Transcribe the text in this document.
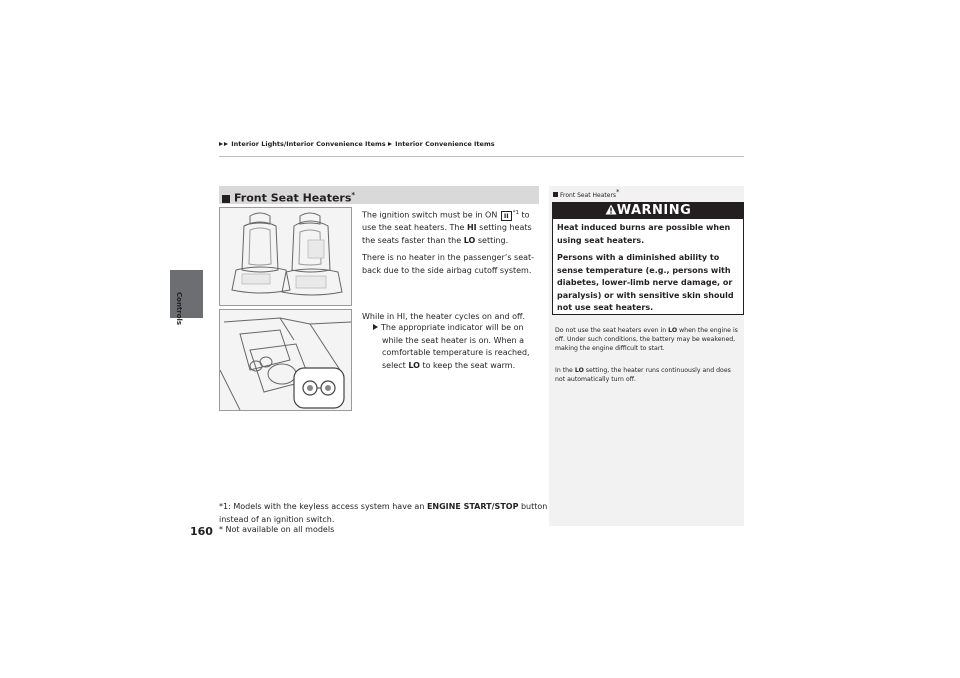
Interior Lights/Interior Convenience Items Interior Convenience Items
Controls
160
Front Seat Heaters*
The ignition switch must be in ON II $^{*1}$ to use the seat heaters. The HI setting heats the seats faster than the LO setting.
There is no heater in the passenger’s seat-back due to the side airbag cutoff system.
While in HI, the heater cycles on and off.
The appropriate indicator will be on while the seat heater is on. When a comfortable temperature is reached, select LO to keep the seat warm.
*1: Models with the keyless access system have an ENGINE START/STOP button instead of an ignition switch.
* Not available on all models
Front Seat Heaters*
WARNING
Heat induced burns are possible when using seat heaters.
Persons with a diminished ability to sense temperature (e.g., persons with diabetes, lower-limb nerve damage, or paralysis) or with sensitive skin should not use seat heaters.
Do not use the seat heaters even in LO when the engine is off. Under such conditions, the battery may be weakened, making the engine difficult to start.
In the LO setting, the heater runs continuously and does not automatically turn off.
